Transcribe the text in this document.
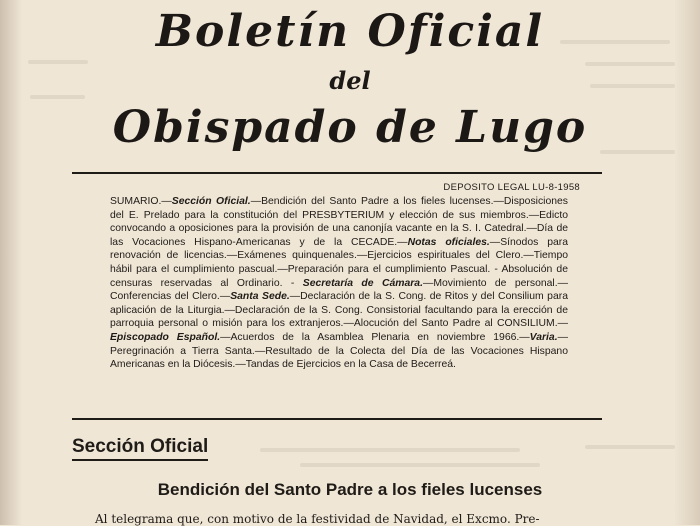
Boletín Oficial
del
Obispado de Lugo
DEPOSITO LEGAL LU-8-1958
SUMARIO.—Sección Oficial.—Bendición del Santo Padre a los fieles lucenses.—Disposiciones del E. Prelado para la constitución del PRESBYTERIUM y elección de sus miembros.—Edicto convocando a oposiciones para la provisión de una canonjía vacante en la S. I. Catedral.—Día de las Vocaciones Hispano-Americanas y de la CECADE.—Notas oficiales.—Sínodos para renovación de licencias.—Exámenes quinquenales.—Ejercicios espirituales del Clero.—Tiempo hábil para el cumplimiento pascual.—Preparación para el cumplimiento Pascual. - Absolución de censuras reservadas al Ordinario. - Secretaría de Cámara.—Movimiento de personal.—Conferencias del Clero.—Santa Sede.—Declaración de la S. Cong. de Ritos y del Consilium para aplicación de la Liturgia.—Declaración de la S. Cong. Consistorial facultando para la erección de parroquia personal o misión para los extranjeros.—Alocución del Santo Padre al CONSILIUM.—Episcopado Español.—Acuerdos de la Asamblea Plenaria en noviembre 1966.—Varia.—Peregrinación a Tierra Santa.—Resultado de la Colecta del Día de las Vocaciones Hispano Americanas en la Diócesis.—Tandas de Ejercicios en la Casa de Becerreá.
Sección Oficial
Bendición del Santo Padre a los fieles lucenses
Al telegrama que, con motivo de la festividad de Navidad, el Excmo. Pre-
